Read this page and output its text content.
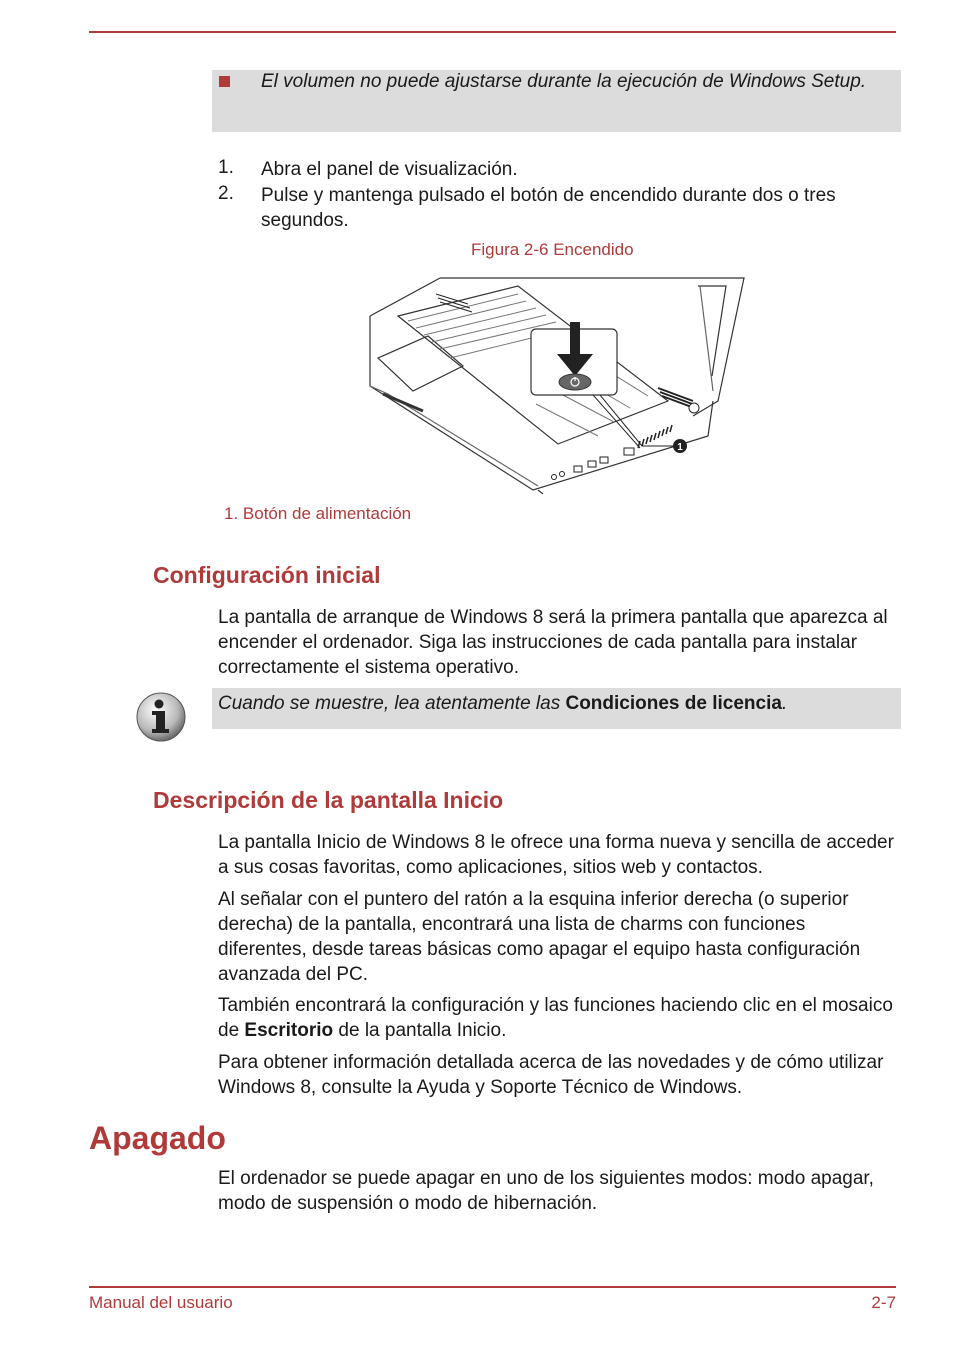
El volumen no puede ajustarse durante la ejecución de Windows Setup.
1. Abra el panel de visualización.
2. Pulse y mantenga pulsado el botón de encendido durante dos o tres segundos.
Figura 2-6 Encendido
1
1. Botón de alimentación
Configuración inicial
La pantalla de arranque de Windows 8 será la primera pantalla que aparezca al encender el ordenador. Siga las instrucciones de cada pantalla para instalar correctamente el sistema operativo.
Cuando se muestre, lea atentamente las Condiciones de licencia.
Descripción de la pantalla Inicio
La pantalla Inicio de Windows 8 le ofrece una forma nueva y sencilla de acceder a sus cosas favoritas, como aplicaciones, sitios web y contactos.
Al señalar con el puntero del ratón a la esquina inferior derecha (o superior derecha) de la pantalla, encontrará una lista de charms con funciones diferentes, desde tareas básicas como apagar el equipo hasta configuración avanzada del PC.
También encontrará la configuración y las funciones haciendo clic en el mosaico de Escritorio de la pantalla Inicio.
Para obtener información detallada acerca de las novedades y de cómo utilizar Windows 8, consulte la Ayuda y Soporte Técnico de Windows.
Apagado
El ordenador se puede apagar en uno de los siguientes modos: modo apagar, modo de suspensión o modo de hibernación.
Manual del usuario	2-7
